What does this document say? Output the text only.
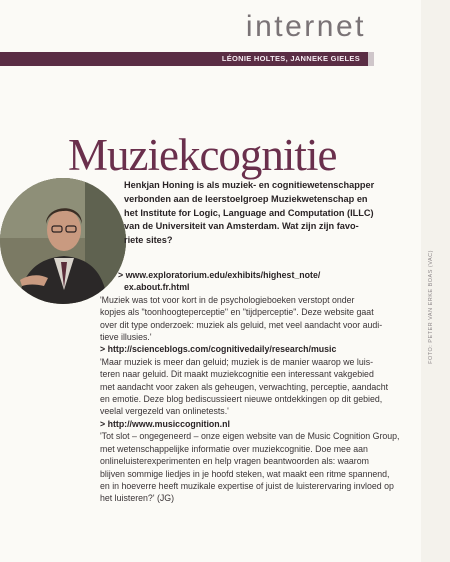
internet
LÉONIE HOLTES, JANNEKE GIELES
Muziekcognitie
Henkjan Honing is als muziek- en cognitiewetenschapper
verbonden aan de leerstoelgroep Muziekwetenschap en
het Institute for Logic, Language and Computation (ILLC)
van de Universiteit van Amsterdam. Wat zijn zijn favo-
riete sites?
> www.exploratorium.edu/exhibits/highest_note/
ex.about.fr.html
'Muziek was tot voor kort in de psychologieboeken verstopt onder
kopjes als "toonhoogteperceptie" en "tijdperceptie". Deze website gaat
over dit type onderzoek: muziek als geluid, met veel aandacht voor audi-
tieve illusies.'
> http://scienceblogs.com/cognitivedaily/research/music
'Maar muziek is meer dan geluid; muziek is de manier waarop we luis-
teren naar geluid. Dit maakt muziekcognitie een interessant vakgebied
met aandacht voor zaken als geheugen, verwachting, perceptie, aandacht
en emotie. Deze blog bediscussieert nieuwe ontdekkingen op dit gebied,
veelal vergezeld van onlinetests.'
> http://www.musiccognition.nl
'Tot slot – ongegeneerd – onze eigen website van de Music Cognition Group,
met wetenschappelijke informatie over muziekcognitie. Doe mee aan
onlineluisterexperimenten en help vragen beantwoorden als: waarom
blijven sommige liedjes in je hoofd steken, wat maakt een ritme spannend,
en in hoeverre heeft muzikale expertise of juist de luisterervaring invloed op
het luisteren?' (JG)
FOTO: PETER VAN ERKE BOAS (VAC)
